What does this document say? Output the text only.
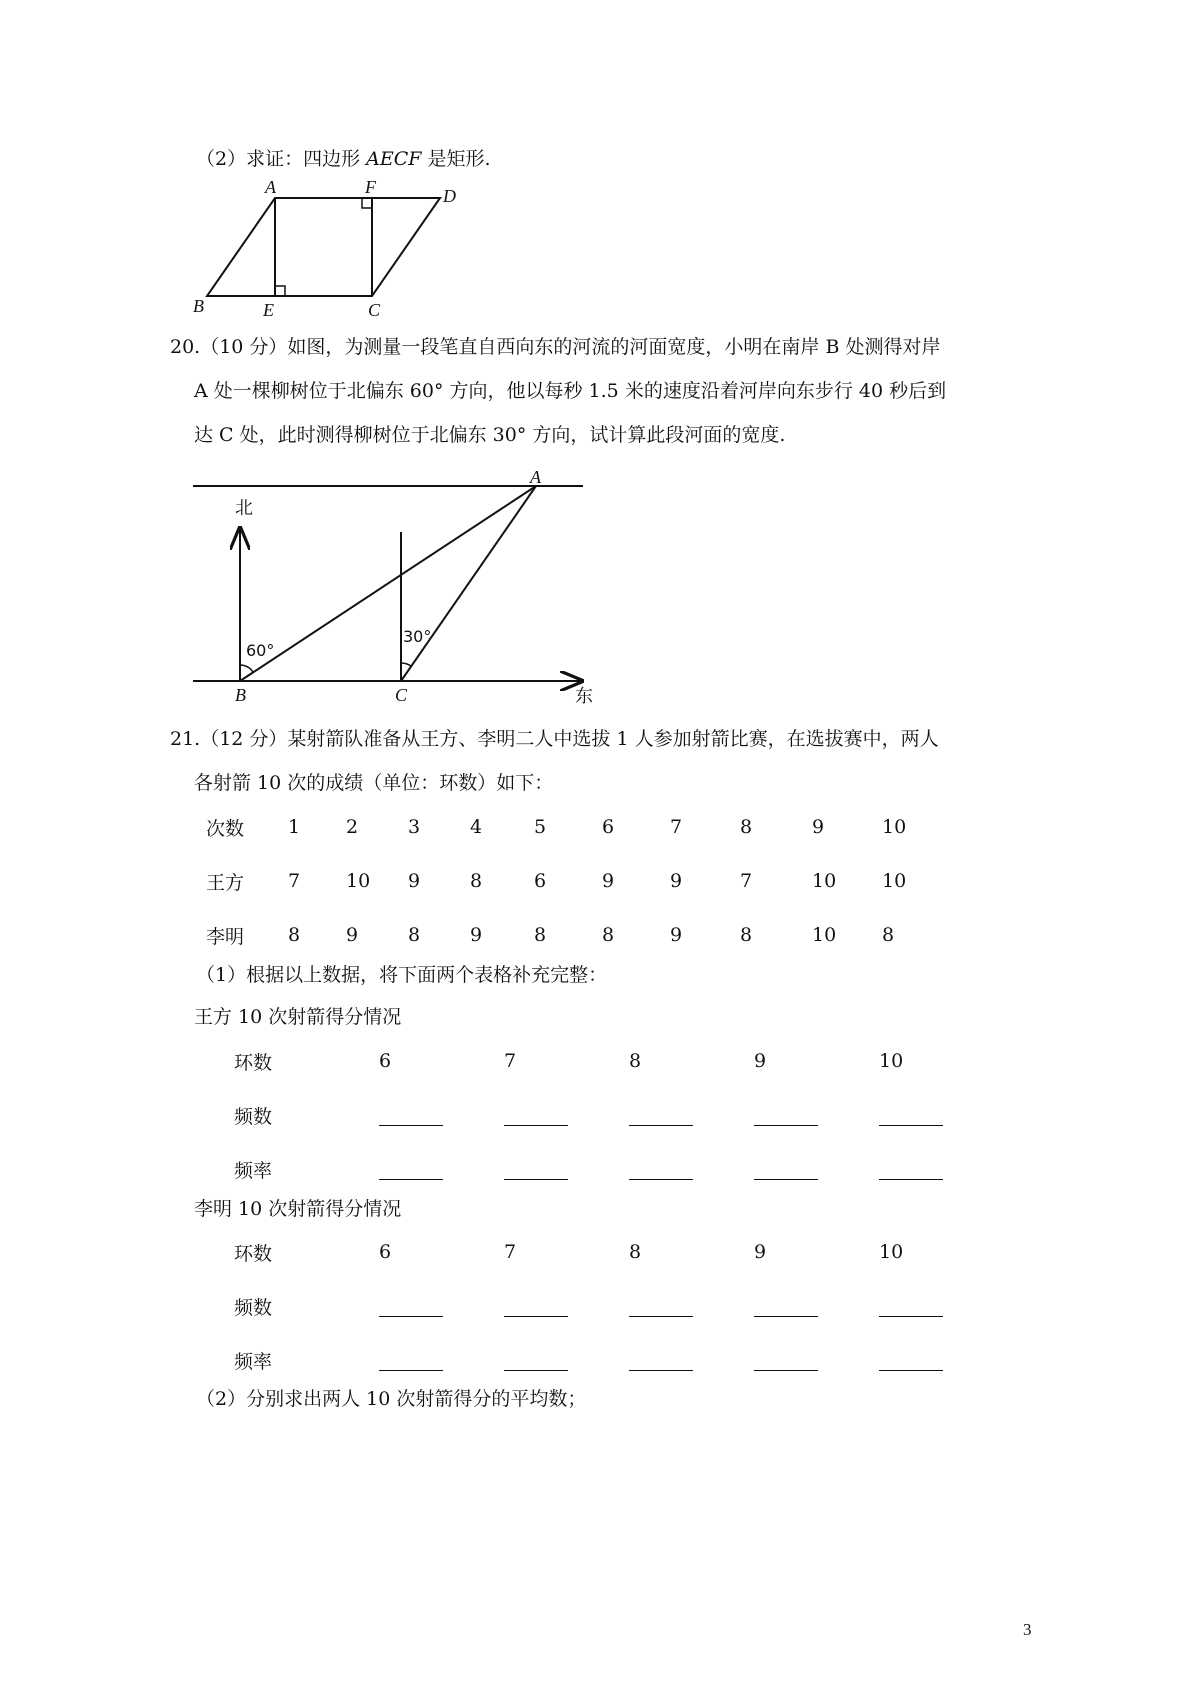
（2）求证：四边形 AECF 是矩形.
A	F	D
B	E	C
20.（10 分）如图，为测量一段笔直自西向东的河流的河面宽度，小明在南岸 B 处测得对岸
A 处一棵柳树位于北偏东 60° 方向，他以每秒 1.5 米的速度沿着河岸向东步行 40 秒后到
达 C 处，此时测得柳树位于北偏东 30° 方向，试计算此段河面的宽度.
北
东
A
B	C
60°
30°
21.（12 分）某射箭队准备从王方、李明二人中选拔 1 人参加射箭比赛，在选拔赛中，两人
各射箭 10 次的成绩（单位：环数）如下：
次数	1	2	3	4	5	6	7	8	9	10
王方	7	10	9	8	6	9	9	7	10	10
李明	8	9	8	9	8	8	9	8	10	8
（1）根据以上数据，将下面两个表格补充完整：
王方 10 次射箭得分情况
环数	6	7	8	9	10
频数					
频率					
李明 10 次射箭得分情况
环数	6	7	8	9	10
频数					
频率					
（2）分别求出两人 10 次射箭得分的平均数；
3
